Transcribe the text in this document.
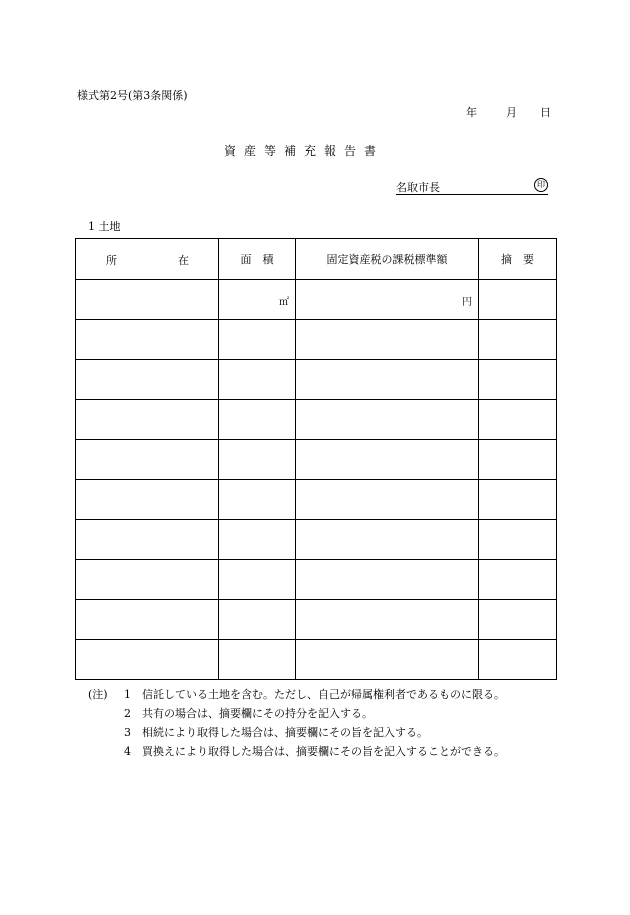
様式第2号(第3条関係)
年	月 日
資産等補充報告書
名取市長	印
1 土地
所 在	面　積	固定資産税の課税標準額	摘　要
	㎡	円	

(注) 1 信託している土地を含む。ただし、自己が帰属権利者であるものに限る。
2 共有の場合は、摘要欄にその持分を記入する。
3 相続により取得した場合は、摘要欄にその旨を記入する。
4 買換えにより取得した場合は、摘要欄にその旨を記入することができる。
